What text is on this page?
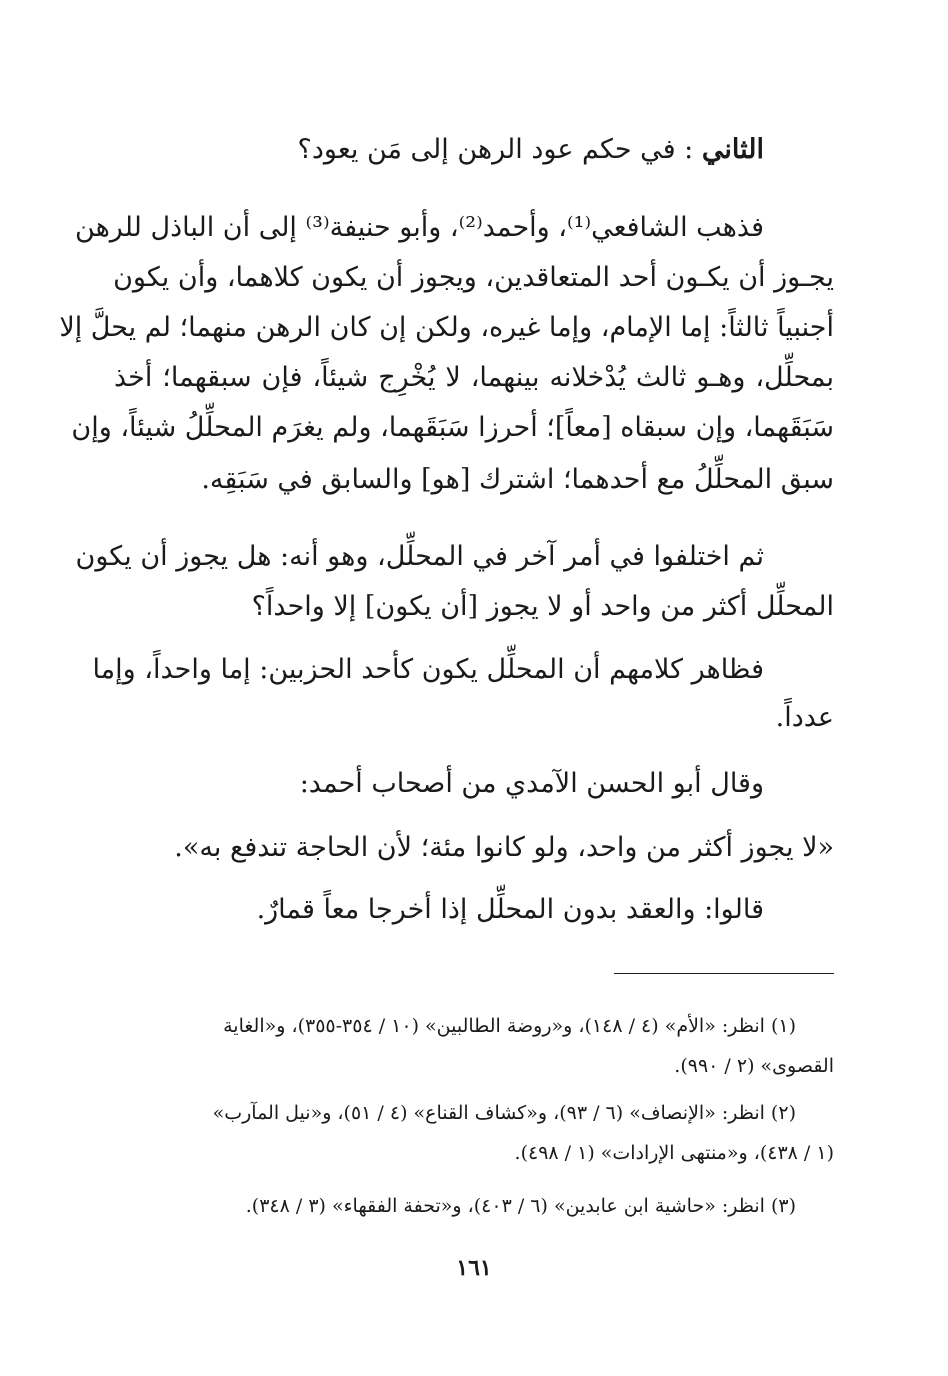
الثاني : في حكم عود الرهن إلى مَن يعود؟
فذهب الشافعي⁽¹⁾، وأحمد⁽²⁾، وأبو حنيفة⁽³⁾ إلى أن الباذل للرهن
يجـوز أن يكـون أحد المتعاقدين، ويجوز أن يكون كلاهما، وأن يكون
أجنبياً ثالثاً: إما الإمام، وإما غيره، ولكن إن كان الرهن منهما؛ لم يحلَّ إلا
بمحلِّل، وهـو ثالث يُدْخلانه بينهما، لا يُخْرِج شيئاً، فإن سبقهما؛ أخذ
سَبَقَهما، وإن سبقاه [معاً]؛ أحرزا سَبَقَهما، ولم يغرَم المحلِّلُ شيئاً، وإن
سبق المحلِّلُ مع أحدهما؛ اشترك [هو] والسابق في سَبَقِه.
ثم اختلفوا في أمر آخر في المحلِّل، وهو أنه: هل يجوز أن يكون
المحلِّل أكثر من واحد أو لا يجوز [أن يكون] إلا واحداً؟
فظاهر كلامهم أن المحلِّل يكون كأحد الحزبين: إما واحداً، وإما
عدداً.
وقال أبو الحسن الآمدي من أصحاب أحمد:
«لا يجوز أكثر من واحد، ولو كانوا مئة؛ لأن الحاجة تندفع به».
قالوا: والعقد بدون المحلِّل إذا أخرجا معاً قمارٌ.
(١) انظر: «الأم» (٤ / ١٤٨)، و«روضة الطالبين» (١٠ / ٣٥٤-٣٥٥)، و«الغاية
القصوى» (٢ / ٩٩٠).
(٢) انظر: «الإنصاف» (٦ / ٩٣)، و«كشاف القناع» (٤ / ٥١)، و«نيل المآرب»
(١ / ٤٣٨)، و«منتهى الإرادات» (١ / ٤٩٨).
(٣) انظر: «حاشية ابن عابدين» (٦ / ٤٠٣)، و«تحفة الفقهاء» (٣ / ٣٤٨).
١٦١
